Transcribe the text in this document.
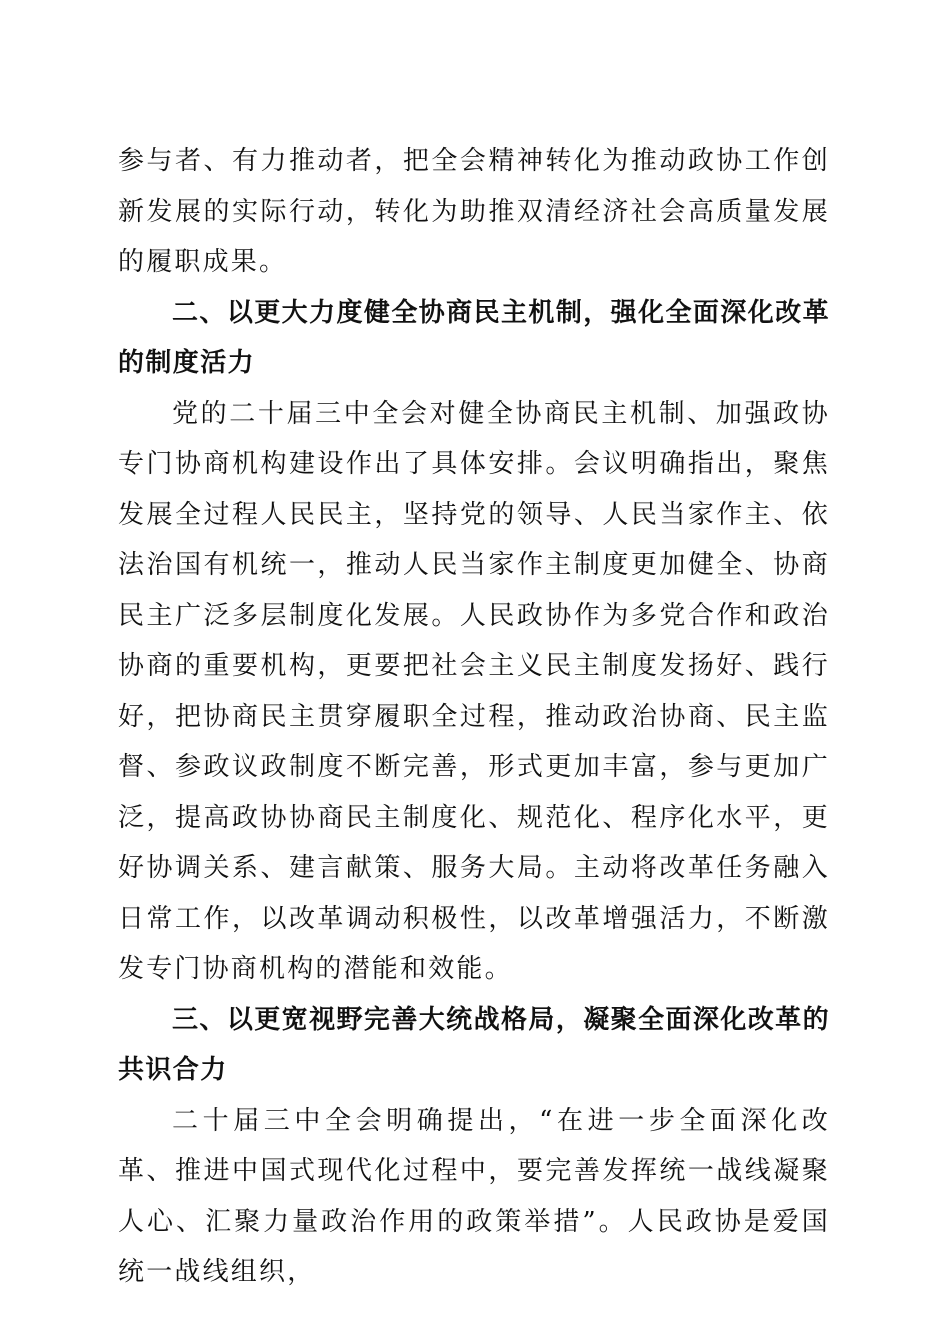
参与者、有力推动者，把全会精神转化为推动政协工作创新发展的实际行动，转化为助推双清经济社会高质量发展的履职成果。

二、以更大力度健全协商民主机制，强化全面深化改革的制度活力

党的二十届三中全会对健全协商民主机制、加强政协专门协商机构建设作出了具体安排。会议明确指出，聚焦发展全过程人民民主，坚持党的领导、人民当家作主、依法治国有机统一，推动人民当家作主制度更加健全、协商民主广泛多层制度化发展。人民政协作为多党合作和政治协商的重要机构，更要把社会主义民主制度发扬好、践行好，把协商民主贯穿履职全过程，推动政治协商、民主监督、参政议政制度不断完善，形式更加丰富，参与更加广泛，提高政协协商民主制度化、规范化、程序化水平，更好协调关系、建言献策、服务大局。主动将改革任务融入日常工作，以改革调动积极性，以改革增强活力，不断激发专门协商机构的潜能和效能。

三、以更宽视野完善大统战格局，凝聚全面深化改革的共识合力

二十届三中全会明确提出，“在进一步全面深化改革、推进中国式现代化过程中，要完善发挥统一战线凝聚人心、汇聚力量政治作用的政策举措”。人民政协是爱国统一战线组织，
